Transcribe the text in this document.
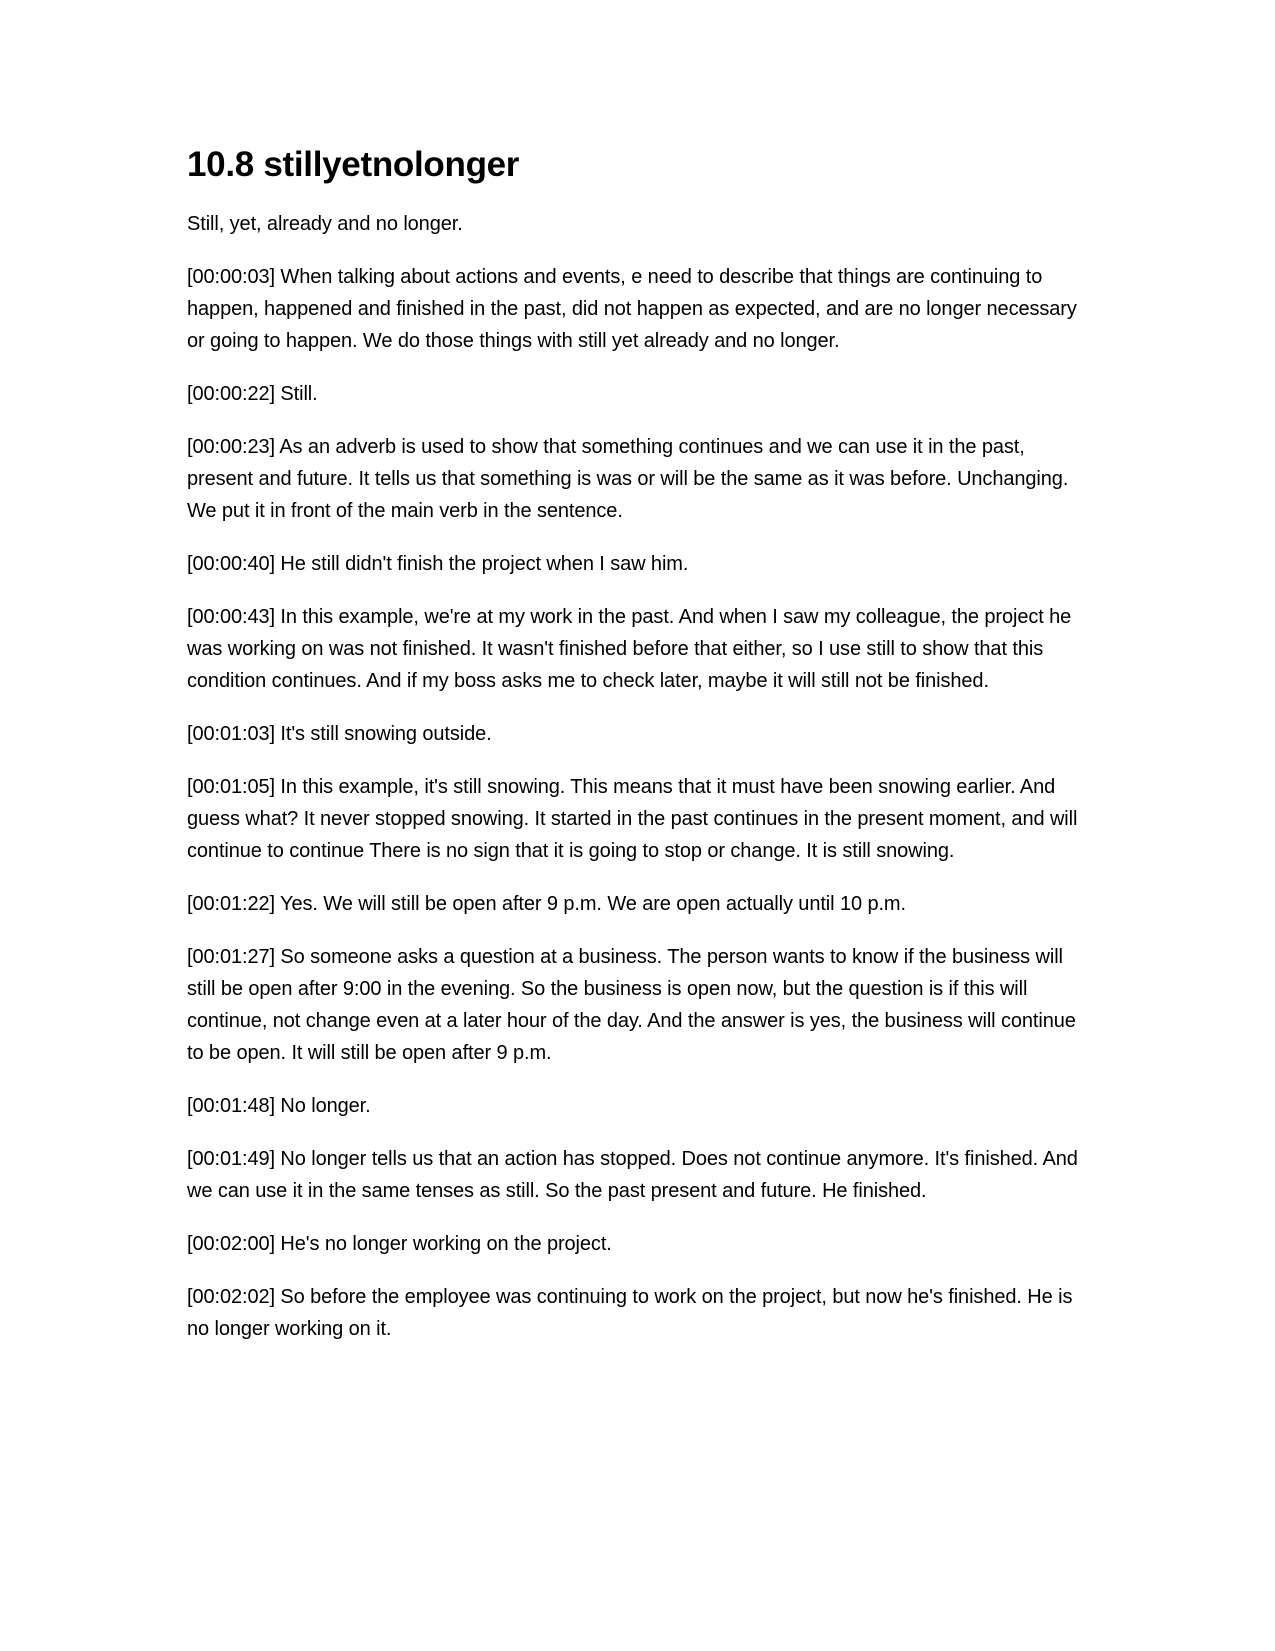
10.8 stillyetnolonger

Still, yet, already and no longer.

[00:00:03] When talking about actions and events, e need to describe that things are continuing to happen, happened and finished in the past, did not happen as expected, and are no longer necessary or going to happen. We do those things with still yet already and no longer.

[00:00:22] Still.

[00:00:23] As an adverb is used to show that something continues and we can use it in the past, present and future. It tells us that something is was or will be the same as it was before. Unchanging. We put it in front of the main verb in the sentence.

[00:00:40] He still didn't finish the project when I saw him.

[00:00:43] In this example, we're at my work in the past. And when I saw my colleague, the project he was working on was not finished. It wasn't finished before that either, so I use still to show that this condition continues. And if my boss asks me to check later, maybe it will still not be finished.

[00:01:03] It's still snowing outside.

[00:01:05] In this example, it's still snowing. This means that it must have been snowing earlier. And guess what? It never stopped snowing. It started in the past continues in the present moment, and will continue to continue There is no sign that it is going to stop or change. It is still snowing.

[00:01:22] Yes. We will still be open after 9 p.m. We are open actually until 10 p.m.

[00:01:27] So someone asks a question at a business. The person wants to know if the business will still be open after 9:00 in the evening. So the business is open now, but the question is if this will continue, not change even at a later hour of the day. And the answer is yes, the business will continue to be open. It will still be open after 9 p.m.

[00:01:48] No longer.

[00:01:49] No longer tells us that an action has stopped. Does not continue anymore. It's finished. And we can use it in the same tenses as still. So the past present and future. He finished.

[00:02:00] He's no longer working on the project.

[00:02:02] So before the employee was continuing to work on the project, but now he's finished. He is no longer working on it.
